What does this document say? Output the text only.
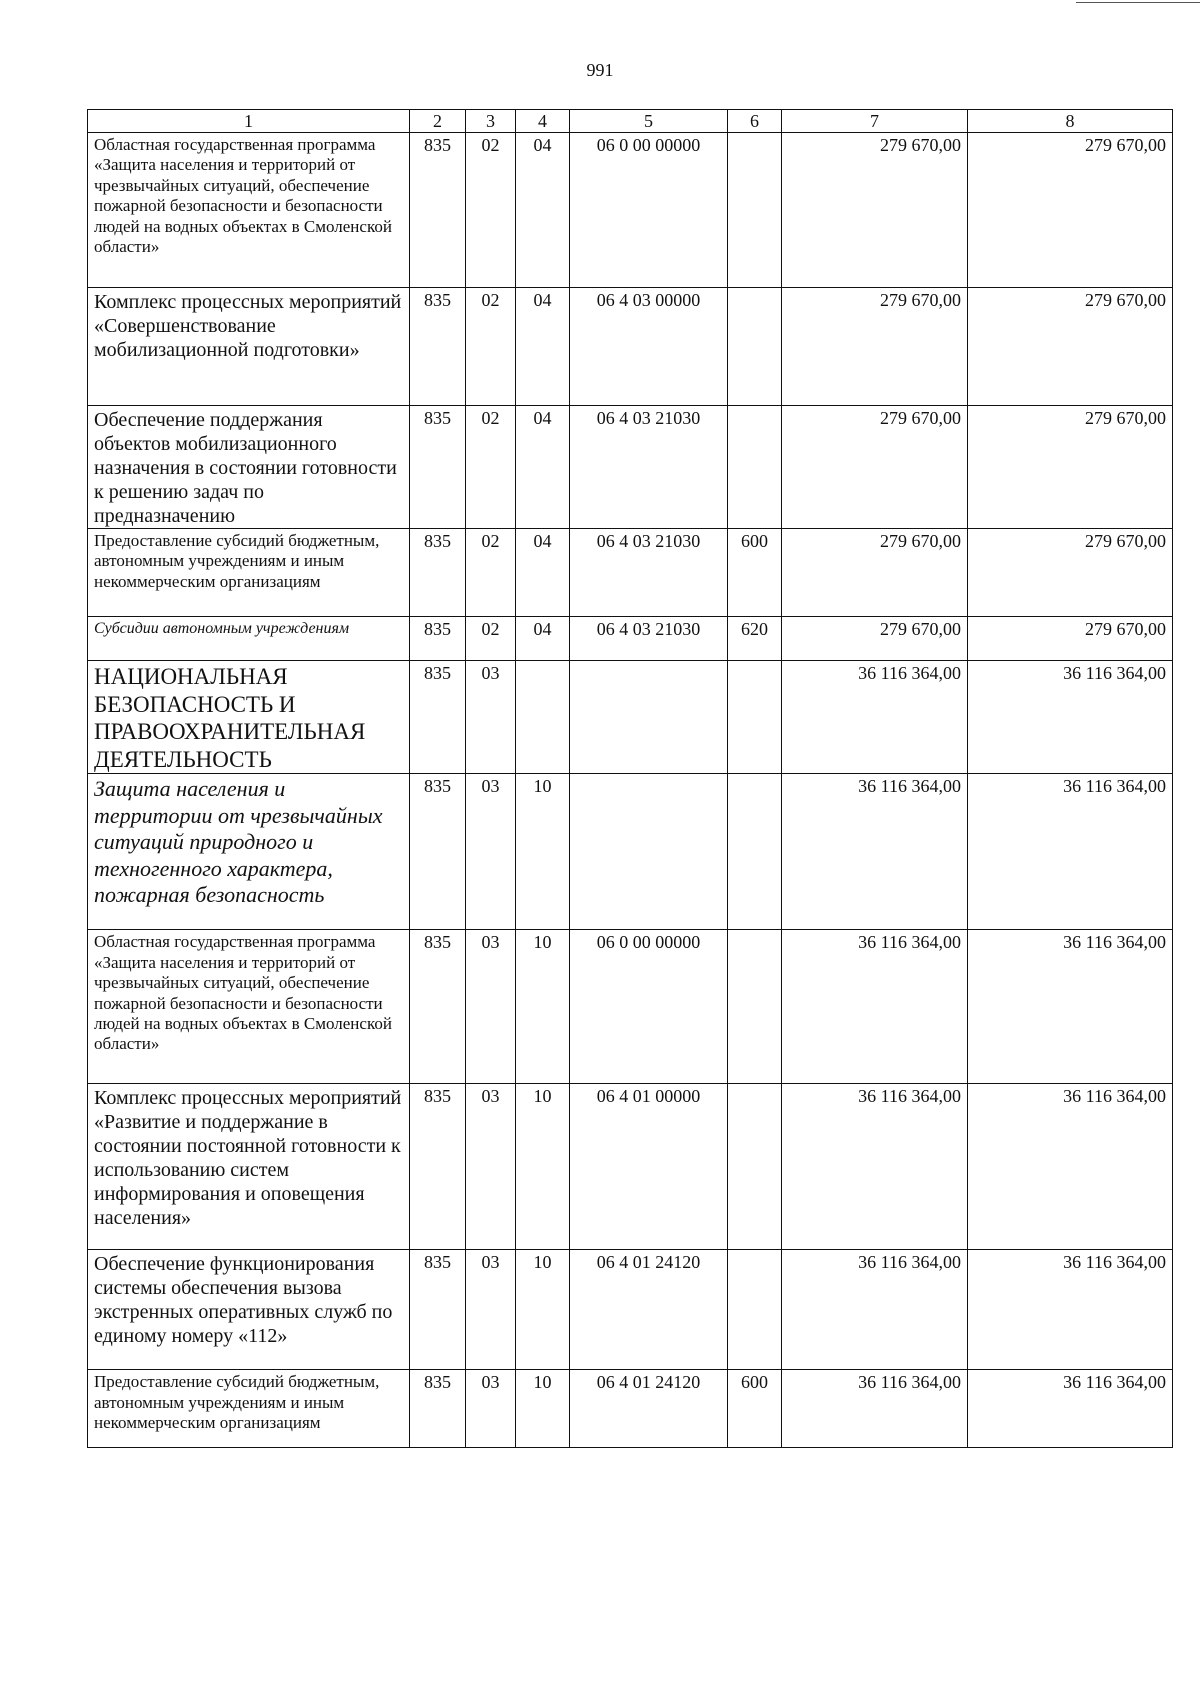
991
1	2	3	4	5	6	7	8
Областная государственная программа «Защита населения и территорий от чрезвычайных ситуаций, обеспечение пожарной безопасности и безопасности людей на водных объектах в Смоленской области»	835	02	04	06 0 00 00000		279 670,00	279 670,00
Комплекс процессных мероприятий «Совершенствование мобилизационной подготовки»	835	02	04	06 4 03 00000		279 670,00	279 670,00
Обеспечение поддержания объектов мобилизационного назначения в состоянии готовности к решению задач по предназначению	835	02	04	06 4 03 21030		279 670,00	279 670,00
Предоставление субсидий бюджетным, автономным учреждениям и иным некоммерческим организациям	835	02	04	06 4 03 21030	600	279 670,00	279 670,00
Субсидии автономным учреждениям	835	02	04	06 4 03 21030	620	279 670,00	279 670,00
НАЦИОНАЛЬНАЯ БЕЗОПАСНОСТЬ И ПРАВООХРАНИТЕЛЬНАЯ ДЕЯТЕЛЬНОСТЬ	835	03				36 116 364,00	36 116 364,00
Защита населения и территории от чрезвычайных ситуаций природного и техногенного характера, пожарная безопасность	835	03	10			36 116 364,00	36 116 364,00
Областная государственная программа «Защита населения и территорий от чрезвычайных ситуаций, обеспечение пожарной безопасности и безопасности людей на водных объектах в Смоленской области»	835	03	10	06 0 00 00000		36 116 364,00	36 116 364,00
Комплекс процессных мероприятий «Развитие и поддержание в состоянии постоянной готовности к использованию систем информирования и оповещения населения»	835	03	10	06 4 01 00000		36 116 364,00	36 116 364,00
Обеспечение функционирования системы обеспечения вызова экстренных оперативных служб по единому номеру «112»	835	03	10	06 4 01 24120		36 116 364,00	36 116 364,00
Предоставление субсидий бюджетным, автономным учреждениям и иным некоммерческим организациям	835	03	10	06 4 01 24120	600	36 116 364,00	36 116 364,00
